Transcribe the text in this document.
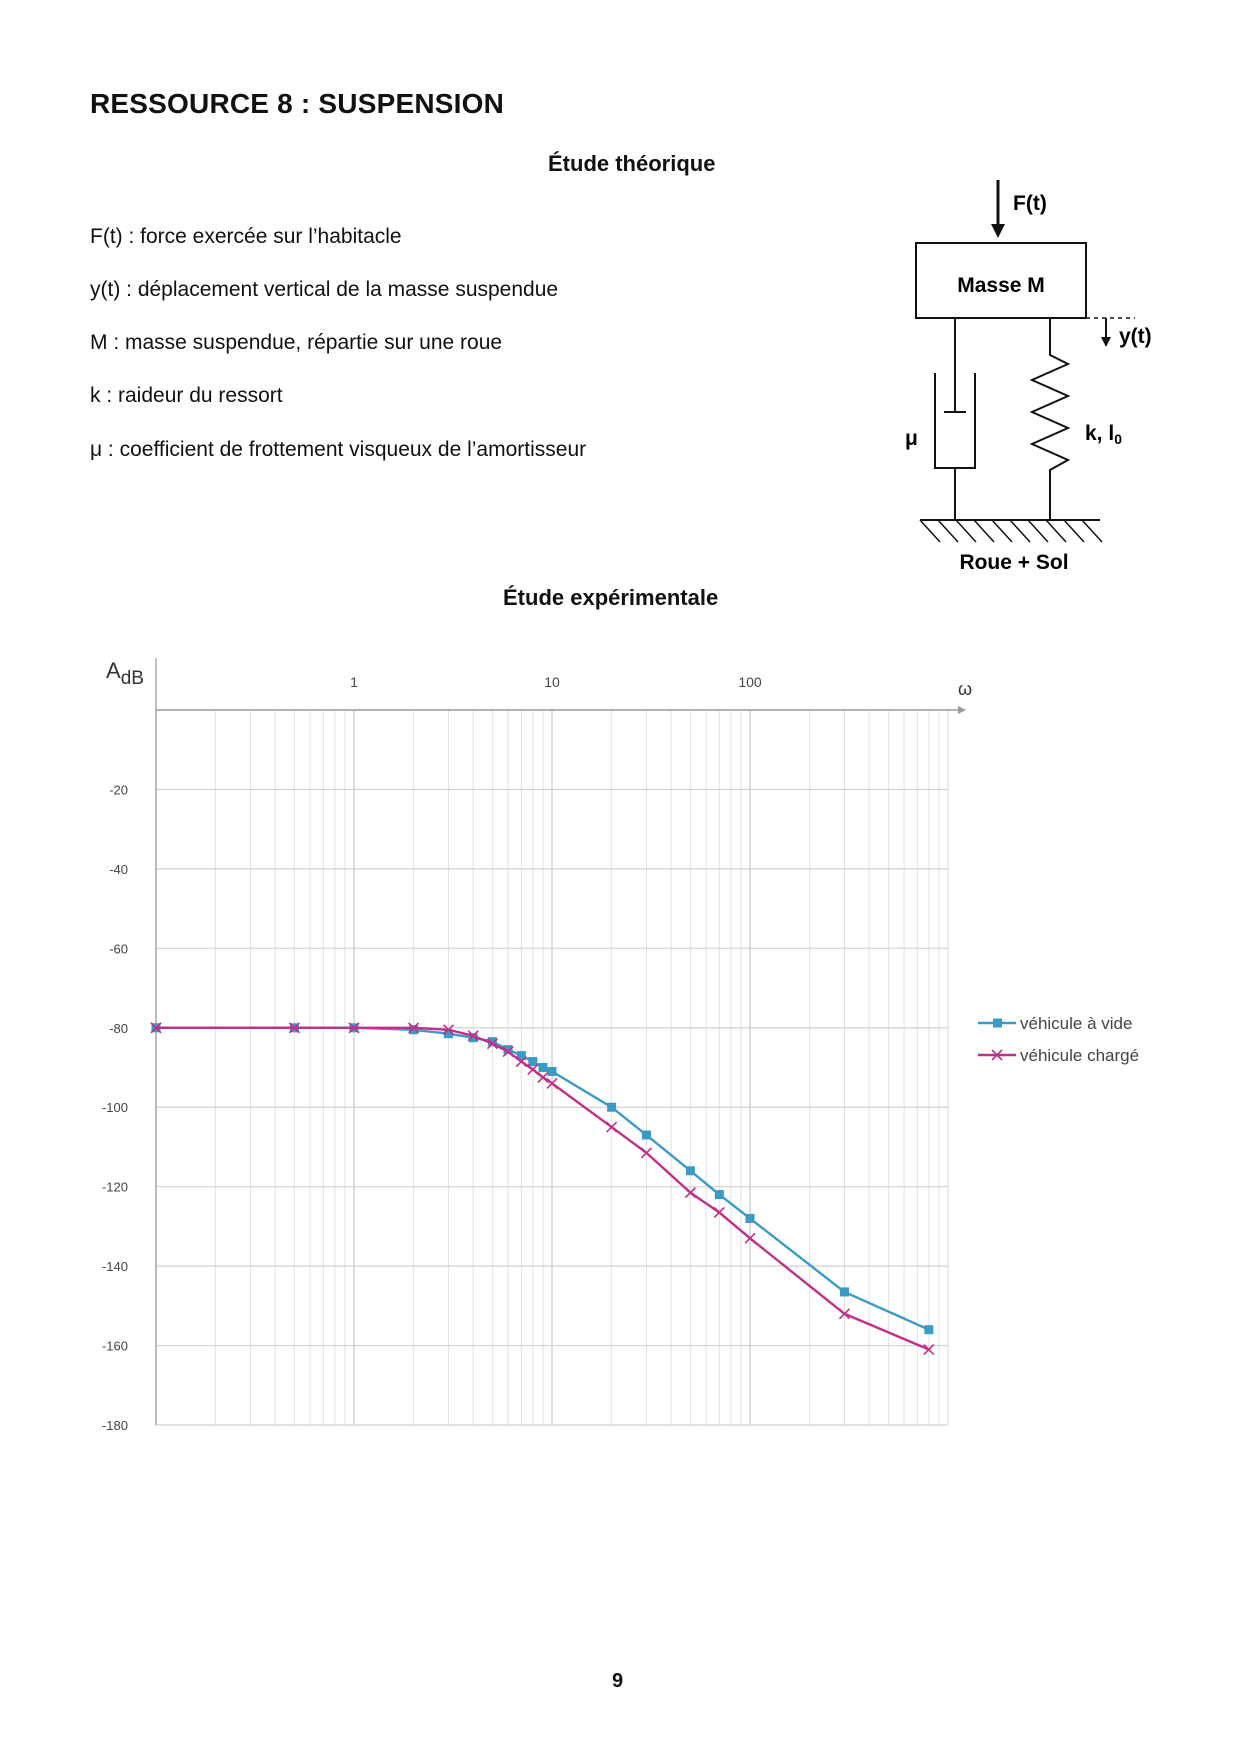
RESSOURCE 8 : SUSPENSION
Étude théorique
F(t) : force exercée sur l’habitacle
y(t) : déplacement vertical de la masse suspendue
M : masse suspendue, répartie sur une roue
k : raideur du ressort
μ : coefficient de frottement visqueux de l’amortisseur
F(t)
Masse M
y(t)
μ	k, l0
Roue + Sol
Étude expérimentale
AdB	ω
1	10	100
-20
-40
-60
-80
-100
-120
-140
-160
-180
véhicule à vide
véhicule chargé
9
